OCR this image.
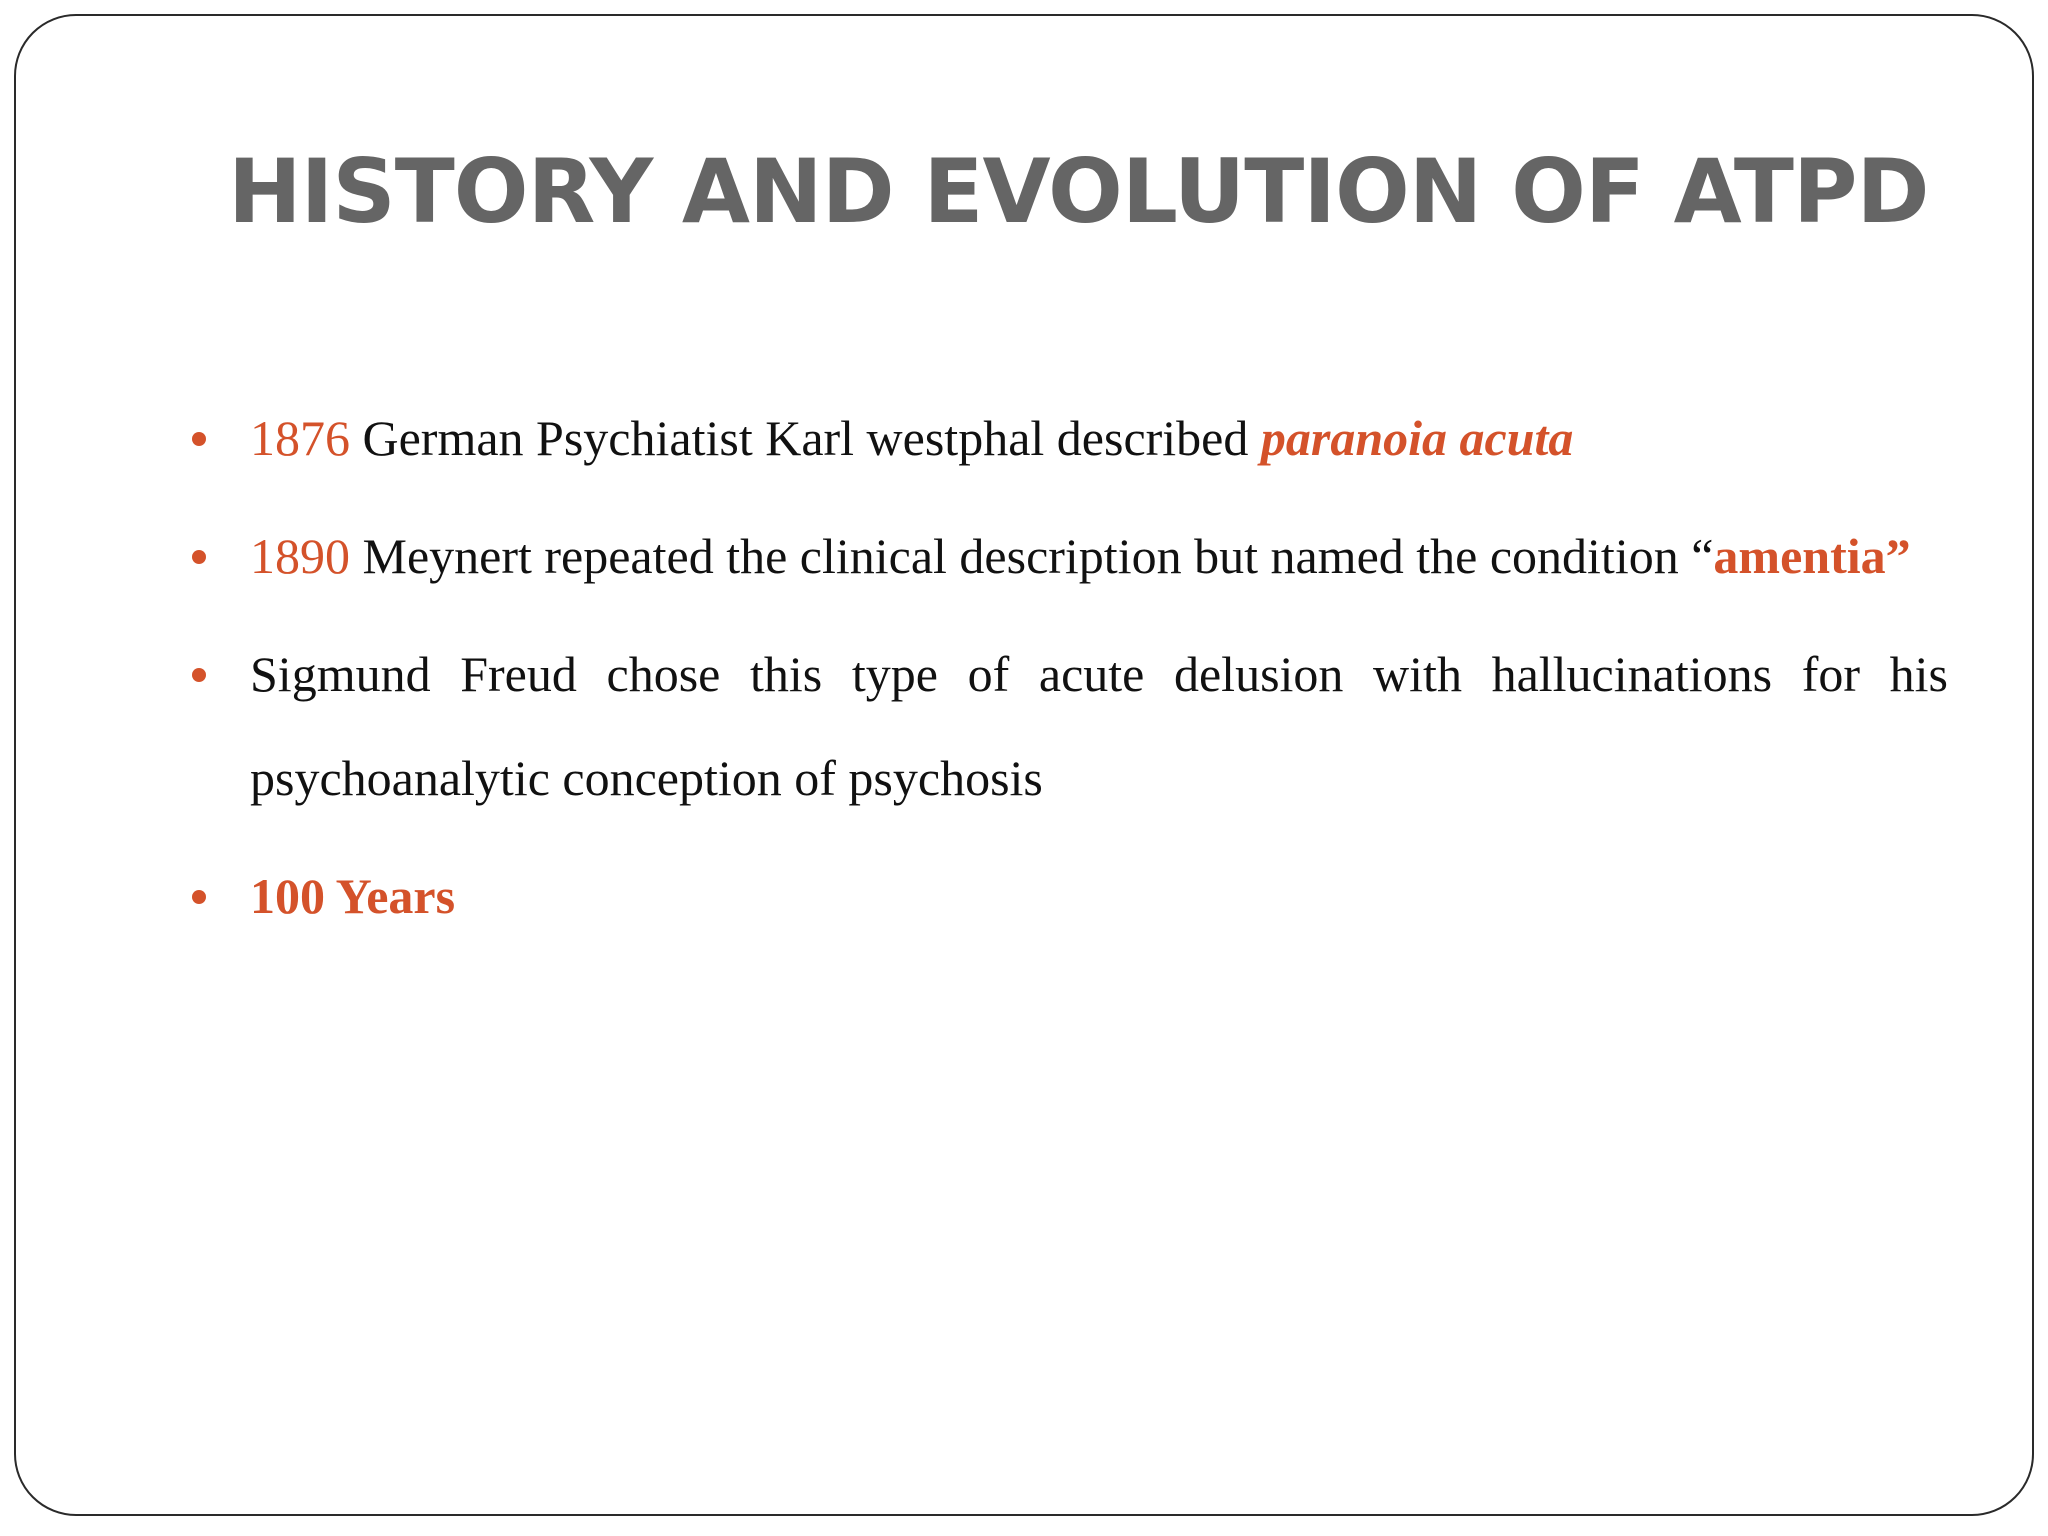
HISTORY AND EVOLUTION OF ATPD
1876 German Psychiatist Karl westphal described paranoia acuta
1890 Meynert repeated the clinical description but named the condition “amentia”
Sigmund Freud chose this type of acute delusion with hallucinations for his psychoanalytic conception of psychosis
100 Years
